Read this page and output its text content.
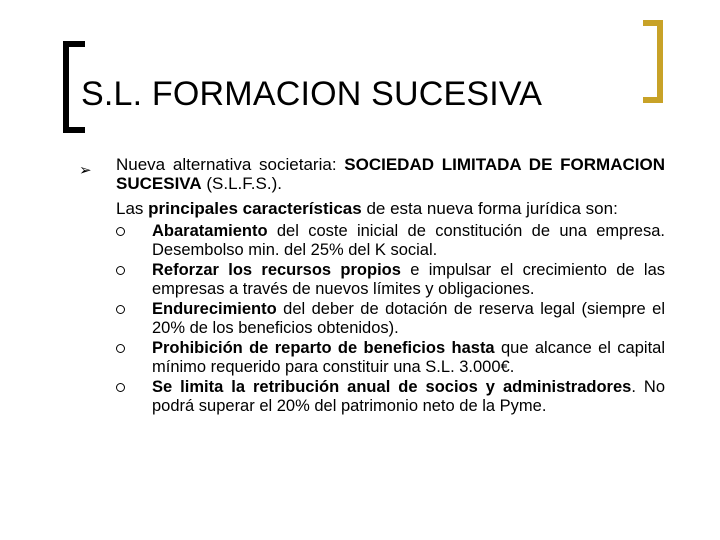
S.L. FORMACION SUCESIVA
➢ Nueva alternativa societaria: SOCIEDAD LIMITADA DE FORMACION SUCESIVA (S.L.F.S.).

Las principales características de esta nueva forma jurídica son:

Abaratamiento del coste inicial de constitución de una empresa. Desembolso min. del 25% del K social.
Reforzar los recursos propios e impulsar el crecimiento de las empresas a través de nuevos límites y obligaciones.
Endurecimiento del deber de dotación de reserva legal (siempre el 20% de los beneficios obtenidos).
Prohibición de reparto de beneficios hasta que alcance el capital mínimo requerido para constituir una S.L. 3.000€.
Se limita la retribución anual de socios y administradores. No podrá superar el 20% del patrimonio neto de la Pyme.
